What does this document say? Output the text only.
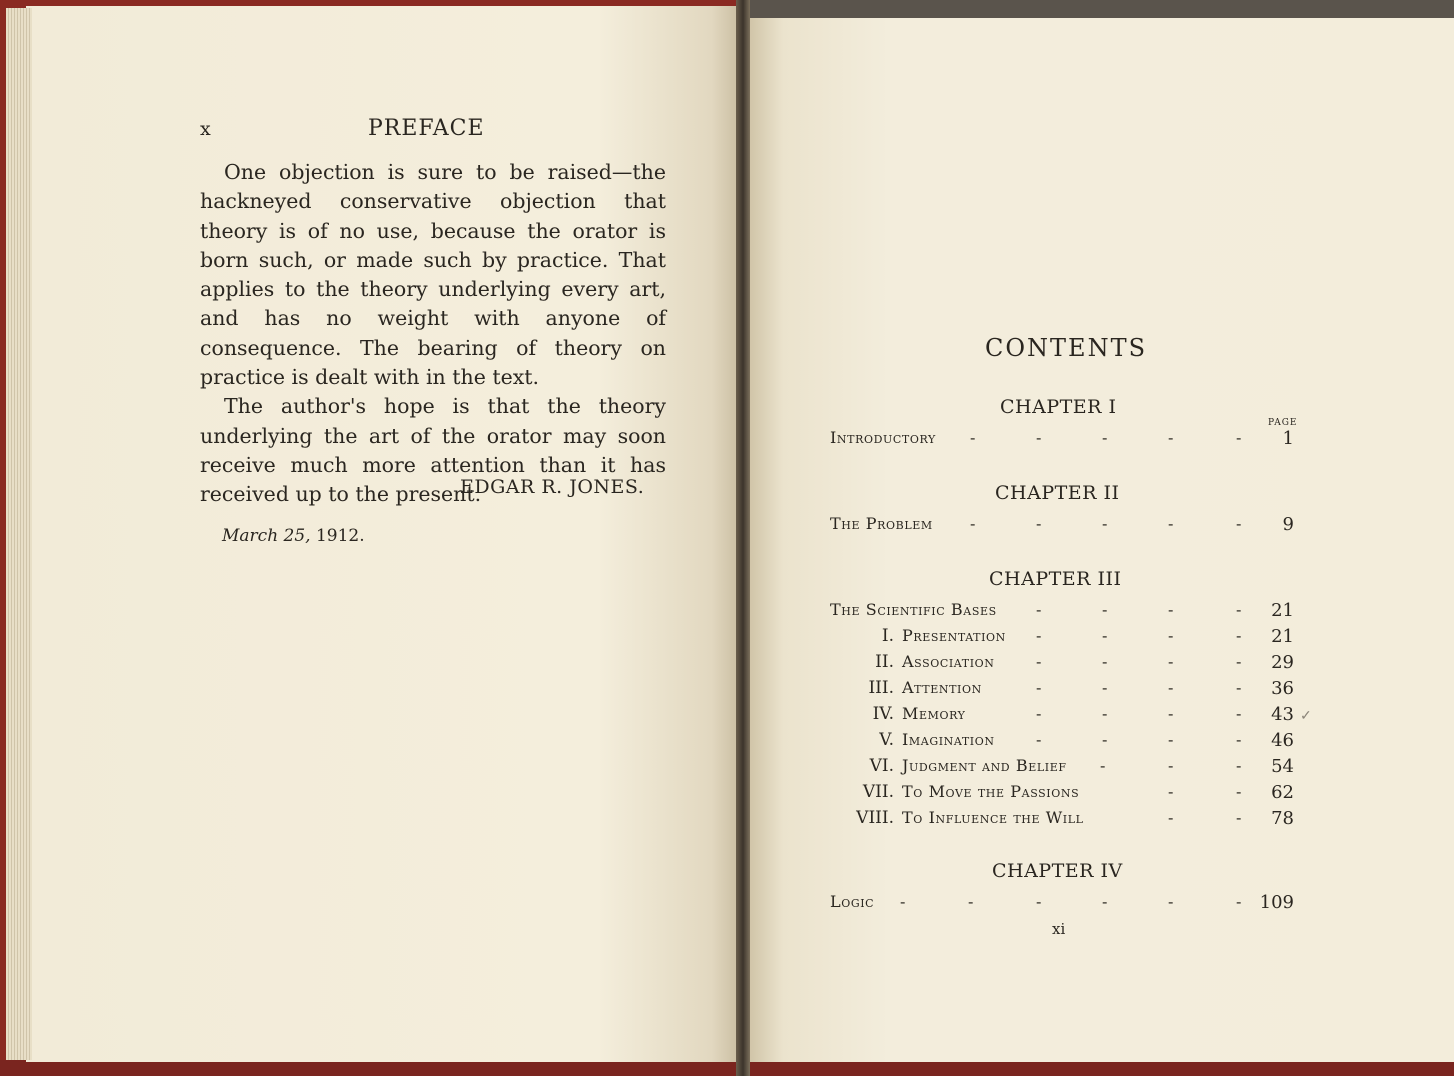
x	PREFACE

One objection is sure to be raised—the hackneyed conservative objection that theory is of no use, because the orator is born such, or made such by practice. That applies to the theory underlying every art, and has no weight with anyone of consequence. The bearing of theory on practice is dealt with in the text.

The author's hope is that the theory underlying the art of the orator may soon receive much more attention than it has received up to the present.

EDGAR R. JONES.
March 25, 1912.
CONTENTS
PAGE
CHAPTER I
Introductory -	-	-	-	-	1
CHAPTER II
The Problem -	-	-	-	-	9
CHAPTER III
The Scientific Bases -	-	-	-	21
I. Presentation -	-	-	-	21
II. Association	-	-	-	-	29
III. Attention	-	-	-	-	36
IV. Memory	-	-	-	-	43
V. Imagination	-	-	-	-	46
VI. Judgment and Belief -	-	-	54
VII. To Move the Passions	-	-	62
VIII. To Influence the Will	-	-	78
CHAPTER IV
Logic -	-	-	-	-	-	109
xi
✓
